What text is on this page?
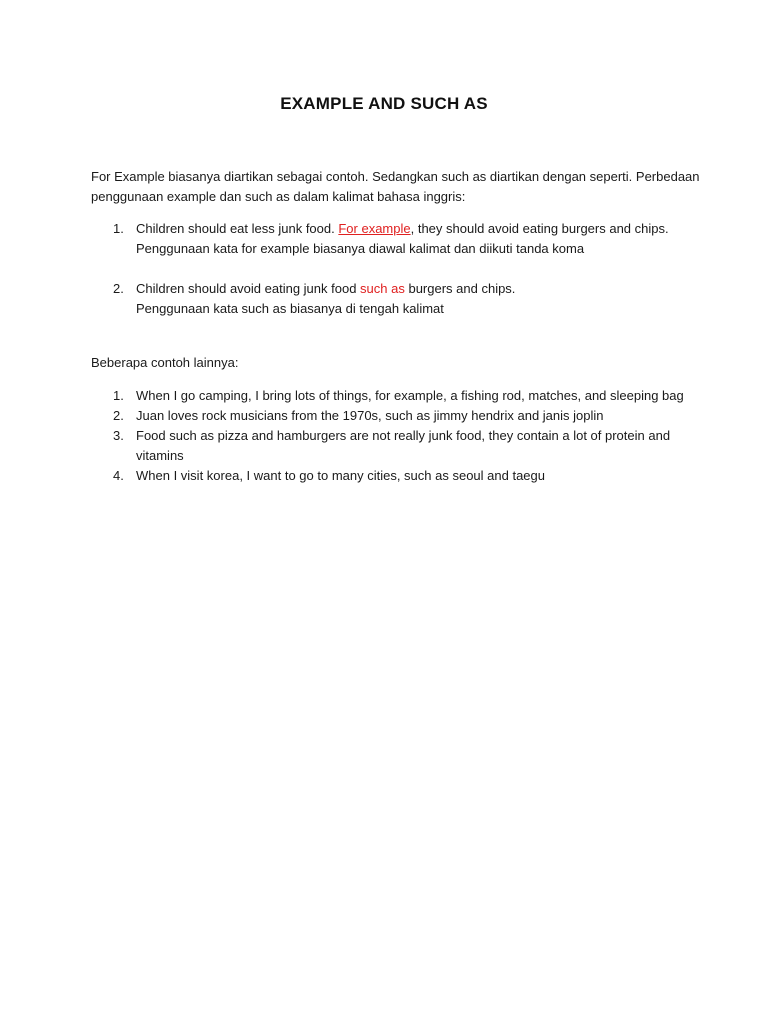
EXAMPLE AND SUCH AS
For Example biasanya diartikan sebagai contoh. Sedangkan such as diartikan dengan seperti. Perbedaan penggunaan example dan such as dalam kalimat bahasa inggris:
1. Children should eat less junk food. For example, they should avoid eating burgers and chips.
Penggunaan kata for example biasanya diawal kalimat dan diikuti tanda koma
2. Children should avoid eating junk food such as burgers and chips.
Penggunaan kata such as biasanya di tengah kalimat
Beberapa contoh lainnya:
1. When I go camping, I bring lots of things, for example, a fishing rod, matches, and sleeping bag
2. Juan loves rock musicians from the 1970s, such as jimmy hendrix and janis joplin
3. Food such as pizza and hamburgers are not really junk food, they contain a lot of protein and vitamins
4. When I visit korea, I want to go to many cities, such as seoul and taegu
